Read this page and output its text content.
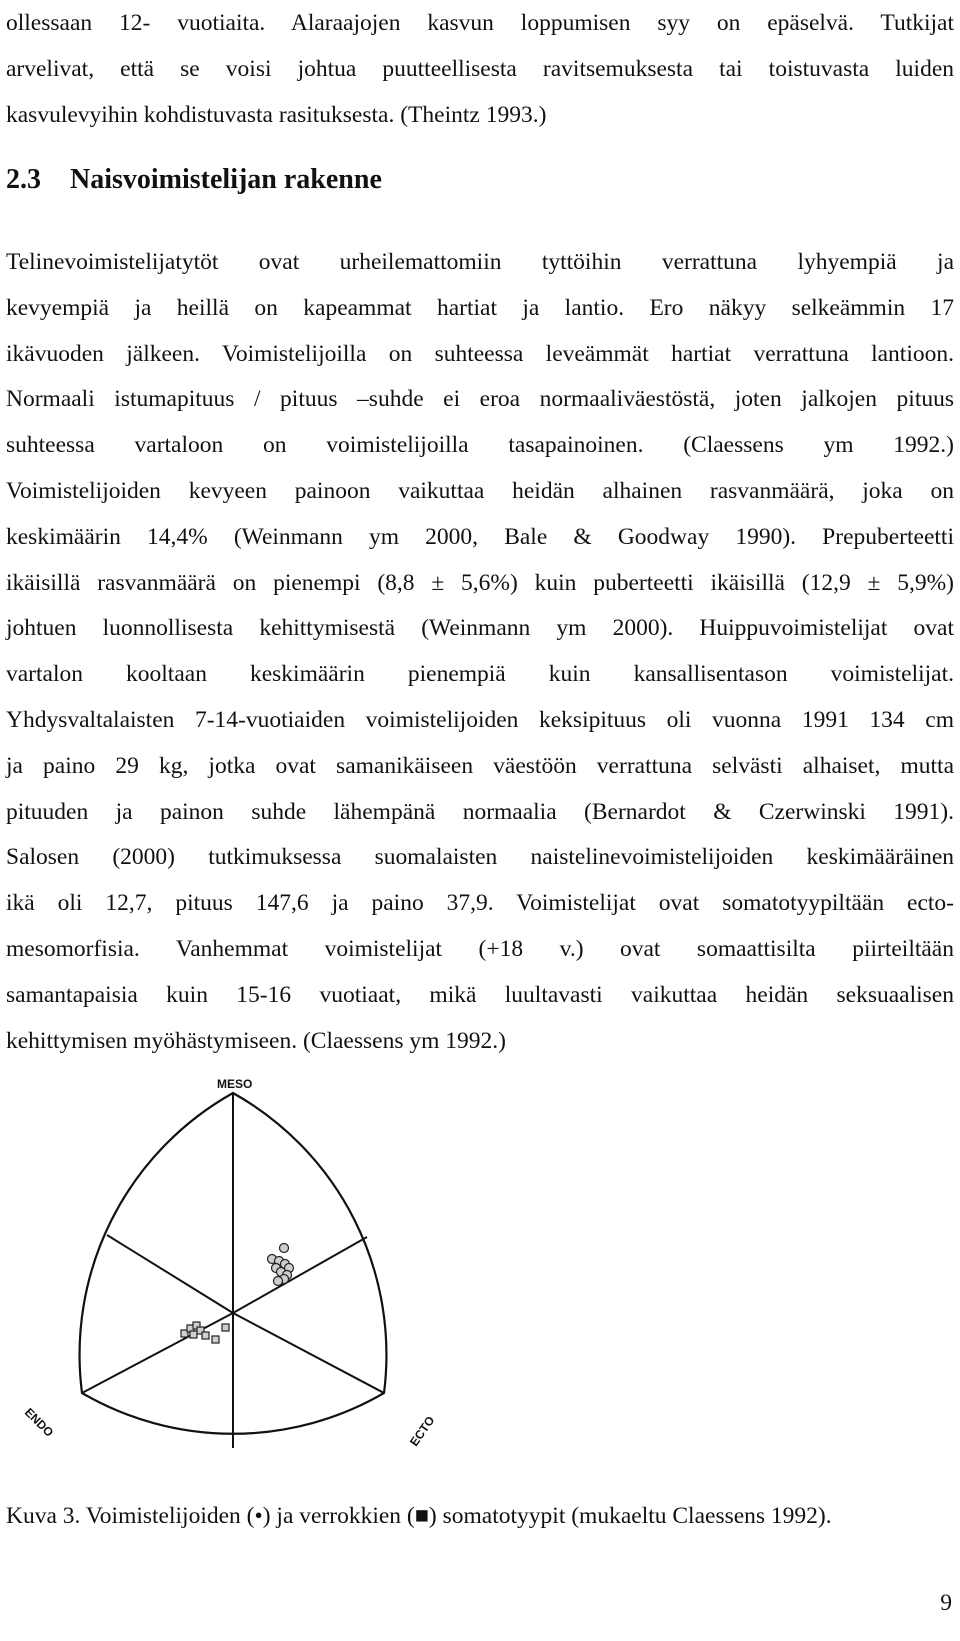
ollessaan 12- vuotiaita. Alaraajojen kasvun loppumisen syy on epäselvä. Tutkijat
arvelivat, että se voisi johtua puutteellisesta ravitsemuksesta tai toistuvasta luiden
kasvulevyihin kohdistuvasta rasituksesta. (Theintz 1993.)
2.3 Naisvoimistelijan rakenne
Telinevoimistelijatytöt ovat urheilemattomiin tyttöihin verrattuna lyhyempiä ja
kevyempiä ja heillä on kapeammat hartiat ja lantio. Ero näkyy selkeämmin 17
ikävuoden jälkeen. Voimistelijoilla on suhteessa leveämmät hartiat verrattuna lantioon.
Normaali istumapituus / pituus –suhde ei eroa normaaliväestöstä, joten jalkojen pituus
suhteessa vartaloon on voimistelijoilla tasapainoinen. (Claessens ym 1992.)
Voimistelijoiden kevyeen painoon vaikuttaa heidän alhainen rasvanmäärä, joka on
keskimäärin 14,4% (Weinmann ym 2000, Bale & Goodway 1990). Prepuberteetti
ikäisillä rasvanmäärä on pienempi (8,8 ± 5,6%) kuin puberteetti ikäisillä (12,9 ± 5,9%)
johtuen luonnollisesta kehittymisestä (Weinmann ym 2000). Huippuvoimistelijat ovat
vartalon kooltaan keskimäärin pienempiä kuin kansallisentason voimistelijat.
Yhdysvaltalaisten 7-14-vuotiaiden voimistelijoiden keksipituus oli vuonna 1991 134 cm
ja paino 29 kg, jotka ovat samanikäiseen väestöön verrattuna selvästi alhaiset, mutta
pituuden ja painon suhde lähempänä normaalia (Bernardot & Czerwinski 1991).
Salosen (2000) tutkimuksessa suomalaisten naistelinevoimistelijoiden keskimääräinen
ikä oli 12,7, pituus 147,6 ja paino 37,9. Voimistelijat ovat somatotyypiltään ecto-
mesomorfisia. Vanhemmat voimistelijat (+18 v.) ovat somaattisilta piirteiltään
samantapaisia kuin 15-16 vuotiaat, mikä luultavasti vaikuttaa heidän seksuaalisen
kehittymisen myöhästymiseen. (Claessens ym 1992.)
MESO
ENDO	ECTO

Kuva 3. Voimistelijoiden (•) ja verrokkien (■) somatotyypit (mukaeltu Claessens 1992).

9
